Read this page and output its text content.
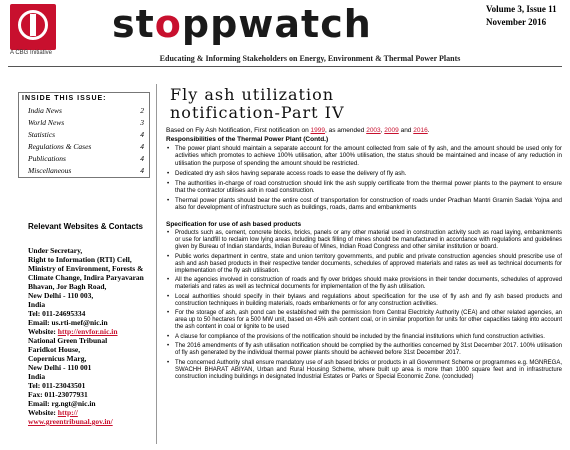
A CBG Initiative
stoppwatch	Volume 3, Issue 11
November 2016
Educating & Informing Stakeholders on Energy, Environment & Thermal Power Plants
INSIDE THIS ISSUE:
India News	2
World News	3
Statistics	4
Regulations & Cases	4
Publications	4
Miscellaneous	4
Relevant Websites & Contacts
Under Secretary,
Right to Information (RTI) Cell,
Ministry of Environment, Forests & Climate Change, Indira Paryavaran Bhavan, Jor Bagh Road,
New Delhi - 110 003,
India
Tel: 011-24695334
Email: us.rti-mef@nic.in
Website: http://envfor.nic.in
National Green Tribunal
Faridkot House,
Copernicus Marg,
New Delhi - 110 001
India
Tel: 011-23043501
Fax: 011-23077931
Email: rg.ngt@nic.in
Website: http://
www.greentribunal.gov.in/
Fly ash utilization
notification-Part IV
Based on Fly Ash Notification, First notification on 1999, as amended 2003, 2009 and 2016.
Responsibilities of the Thermal Power Plant (Contd.)
• The power plant should maintain a separate account for the amount collected from sale of fly ash, and the amount should be used only for activities which promotes to achieve 100% utilisation, after 100% utilisation, the status should be maintained and incase of any reduction in utilisation the purpose of spending the amount should be restricted.
• Dedicated dry ash silos having separate access roads to ease the delivery of fly ash.
• The authorities in-charge of road construction should link the ash supply certificate from the thermal power plants to the payment to ensure that the contractor utilises ash in road construction.
• Thermal power plants should bear the entire cost of transportation for construction of roads under Pradhan Mantri Gramin Sadak Yojna and also for development of infrastructure such as buildings, roads, dams and embankments
Specification for use of ash based products
• Products such as, cement, concrete blocks, bricks, panels or any other material used in construction activity such as road laying, embankments or use for landfill to reclaim low lying areas including back filling of mines should be manufactured in accordance with regulations and guidelines given by Bureau of Indian standards, Indian Bureau of Mines, Indian Road Congress and other similar institution or board.
• Public works department in centre, state and union territory governments, and public and private construction agencies should prescribe use of ash and ash based products in their respective tender documents, schedules of approved materials and rates as well as technical documents for implementation of the fly ash utilisation.
• All the agencies involved in construction of roads and fly over bridges should make provisions in their tender documents, schedules of approved materials and rates as well as technical documents for implementation of the fly ash utilisation.
• Local authorities should specify in their bylaws and regulations about specification for the use of fly ash and fly ash based products and construction techniques in building materials, roads embankments or for any construction activities.
• For the storage of ash, ash pond can be established with the permission from Central Electricity Authority (CEA) and other related agencies, an area up to 50 hectares for a 500 MW unit, based on 45% ash content coal, or in similar proportion for units for other capacities taking into account the ash content in coal or lignite to be used
• A clause for compliance of the provisions of the notification should be included by the financial institutions which fund construction activities.
• The 2016 amendments of fly ash utilisation notification should be complied by the authorities concerned by 31st December 2017. 100% utilisation of fly ash generated by the individual thermal power plants should be achieved before 31st December 2017.
• The concerned Authority shall ensure mandatory use of ash based bricks or products in all Government Scheme or programmes e.g. MGNREGA, SWACHH BHARAT ABIYAN, Urban and Rural Housing Scheme, where built up area is more than 1000 square feet and in infrastructure construction including buildings in designated Industrial Estates or Parks or Special Economic Zone. (concluded)
